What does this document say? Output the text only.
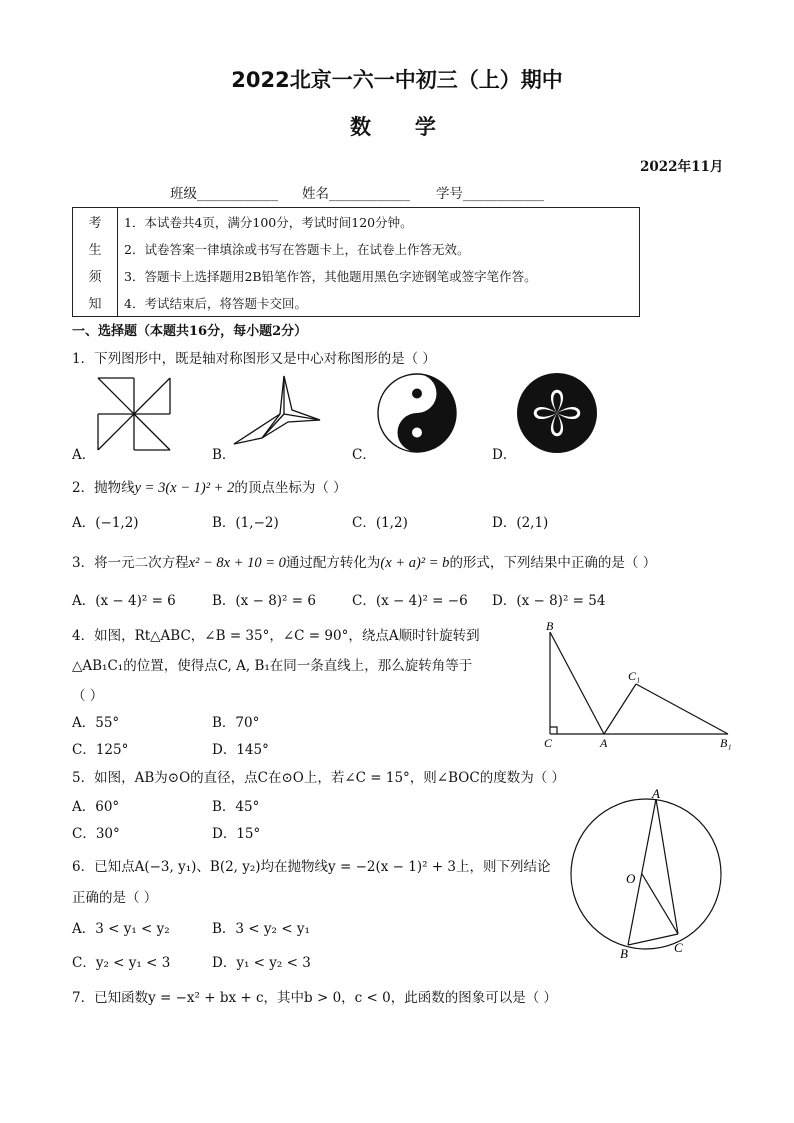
2022北京一六一中初三（上）期中
数      学
2022年11月
班级____________ 姓名____________ 学号____________
考	1．本试卷共4页，满分100分，考试时间120分钟。
生	2．试卷答案一律填涂或书写在答题卡上，在试卷上作答无效。
须	3．答题卡上选择题用2B铅笔作答，其他题用黑色字迹钢笔或签字笔作答。
知	4．考试结束后，将答题卡交回。
一、选择题（本题共16分，每小题2分）
1．下列图形中，既是轴对称图形又是中心对称图形的是（ ）
A．	B．	C．	D．
2．抛物线y = 3(x − 1)² + 2的顶点坐标为（ ）
A．(−1,2)	B．(1,−2)	C．(1,2)	D．(2,1)
3．将一元二次方程x² − 8x + 10 = 0通过配方转化为(x + a)² = b的形式，下列结果中正确的是（ ）
A．(x − 4)² = 6	B．(x − 8)² = 6	C．(x − 4)² = −6 D．(x − 8)² = 54
4．如图，Rt△ABC，∠B = 35°，∠C = 90°，绕点A顺时针旋转到
△AB₁C₁的位置，使得点C, A, B₁在同一条直线上，那么旋转角等于
（ ）
A．55°	B．70°
C．125°	D．145°
B
C₁
C	A	B₁
5．如图，AB为⊙O的直径，点C在⊙O上，若∠C = 15°，则∠BOC的度数为（ ）
A．60°	B．45°
C．30°	D．15°
A
O
B	C
6．已知点A(−3, y₁)、B(2, y₂)均在抛物线y = −2(x − 1)² + 3上，则下列结论
正确的是（ ）
A．3 < y₁ < y₂	B．3 < y₂ < y₁
C．y₂ < y₁ < 3	D．y₁ < y₂ < 3
7．已知函数y = −x² + bx + c，其中b > 0，c < 0，此函数的图象可以是（ ）
